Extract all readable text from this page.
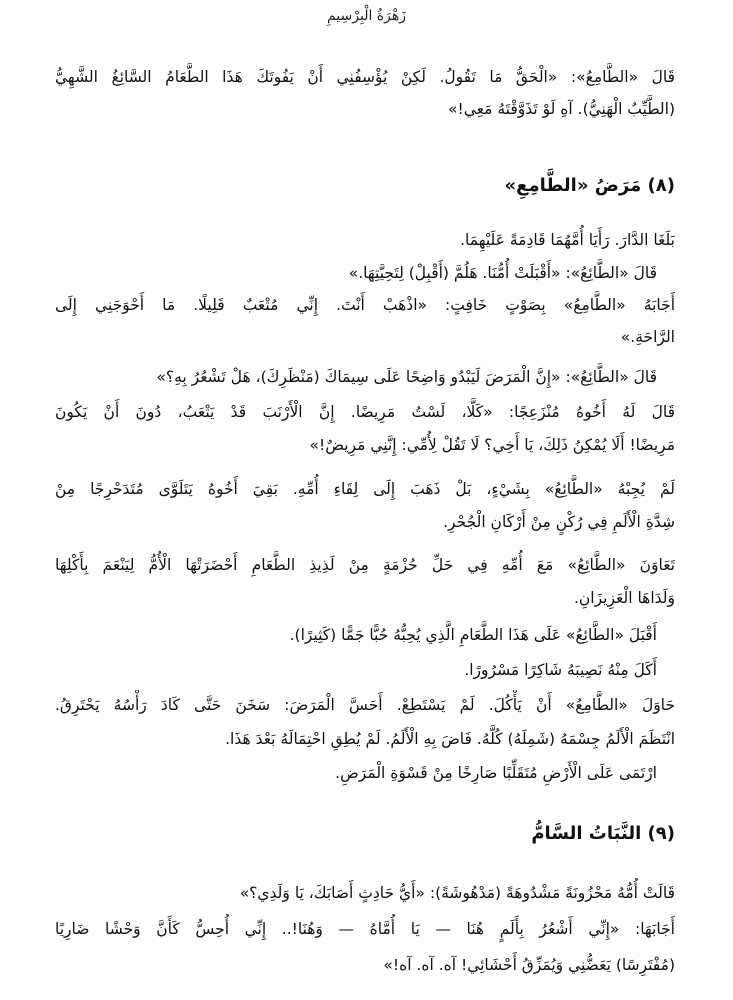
زَهْرَةُ الْبِرْسِيمِ
قَالَ «الطَّامِعُ»: «الْحَقُّ مَا تَقُولُ. لَكِنْ يُؤْسِفُنِي أَنْ يَفُوتَكَ هَذَا الطَّعَامُ السَّائِغُ الشَّهِيُّ
(الطَّيِّبُ الْهَنِيُّ). آهِ لَوْ تَذَوَّقْتَهُ مَعِي!»
(٨) مَرَضُ «الطَّامِعِ»
بَلَغَا الدَّارَ. رَأَيَا أُمَّهُمَا قَادِمَةً عَلَيْهِمَا.
قَالَ «الطَّائِعُ»: «أَقْبَلَتْ أُمُّنَا. هَلُمَّ (أَقْبِلْ) لِتَحِيَّتِهَا.»
أَجَابَهُ «الطَّامِعُ» بِصَوْتٍ خَافِتٍ: «اذْهَبْ أَنْتَ. إِنِّي مُتْعَبٌ قَلِيلًا. مَا أَحْوَجَنِي إِلَى
الرَّاحَةِ.»
قَالَ «الطَّائِعُ»: «إِنَّ الْمَرَضَ لَيَبْدُو وَاضِحًا عَلَى سِيمَاكَ (مَنْظَرِكَ)، هَلْ تَشْعُرُ بِهِ؟»
قَالَ لَهُ أَخُوهُ مُنْزَعِجًا: «كَلَّا، لَسْتُ مَرِيضًا. إِنَّ الْأَرْنَبَ قَدْ يَتْعَبُ، دُونَ أَنْ يَكُونَ
مَرِيضًا! أَلَا يُمْكِنُ ذَلِكَ، يَا أَخِي؟ لَا تَقُلْ لِأُمِّي: إِنَّنِي مَرِيضٌ!»
لَمْ يُجِبْهُ «الطَّائِعُ» بِشَيْءٍ، بَلْ ذَهَبَ إِلَى لِقَاءِ أُمِّهِ. بَقِيَ أَخُوهُ يَتَلَوَّى مُتَدَحْرِجًا مِنْ
شِدَّةِ الْأَلَمِ فِي رُكْنٍ مِنْ أَرْكَانِ الْجُحْرِ.
تَعَاوَنَ «الطَّائِعُ» مَعَ أُمِّهِ فِي حَلِّ حُزْمَةٍ مِنْ لَذِيذِ الطَّعَامِ أَحْضَرَتْهَا الْأُمُّ لِيَنْعَمَ بِأَكْلِهَا
وَلَدَاهَا الْعَزِيزَانِ.
أَقْبَلَ «الطَّائِعُ» عَلَى هَذَا الطَّعَامِ الَّذِي يُحِبُّهُ حُبًّا جَمًّا (كَثِيرًا).
أَكَلَ مِنْهُ نَصِيبَهُ شَاكِرًا مَسْرُورًا.
حَاوَلَ «الطَّامِعُ» أَنْ يَأْكُلَ. لَمْ يَسْتَطِعْ. أَحَسَّ الْمَرَضَ: سَخَنَ حَتَّى كَادَ رَأْسُهُ يَحْتَرِقُ.
انْتَظَمَ الْأَلَمُ جِسْمَهُ (شَمِلَهُ) كُلَّهُ. فَاضَ بِهِ الْأَلَمُ. لَمْ يُطِقِ احْتِمَالَهُ بَعْدَ هَذَا.
ارْتَمَى عَلَى الْأَرْضِ مُتَقَلِّبًا صَارِخًا مِنْ قَسْوَةِ الْمَرَضِ.
(٩) النَّبَاتُ السَّامُّ
قَالَتْ أُمُّهُ مَحْزُونَةً مَشْدُوهَةً (مَدْهُوشَةً): «أَيُّ حَادِثٍ أَصَابَكَ، يَا وَلَدِي؟»
أَجَابَهَا: «إِنِّي أَشْعُرُ بِأَلَمٍ هُنَا — يَا أُمَّاهُ — وَهُنَا!.. إِنِّي أُحِسُّ كَأَنَّ وَحْشًا ضَارِيًا
(مُفْتَرِسًا) يَعَضُّنِي وَيُمَزِّقُ أَحْشَائِي! آه. آه. آه!»
